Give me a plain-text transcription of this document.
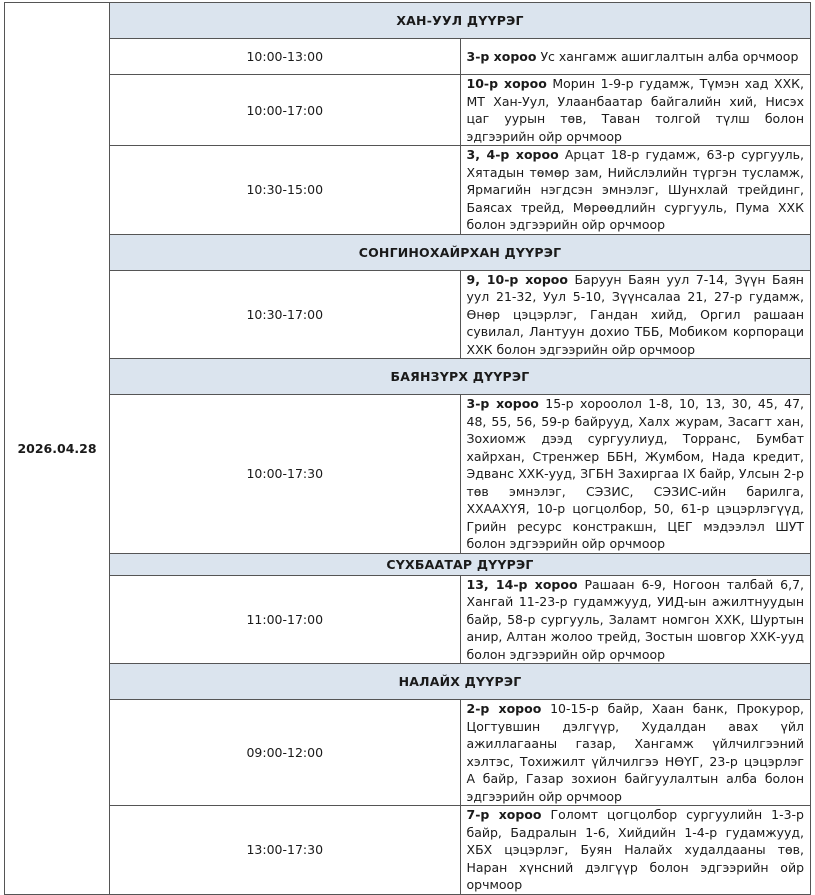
2026.04.28	ХАН-УУЛ ДҮҮРЭГ	
	10:00-13:00	3-р хороо Ус хангамж ашиглалтын алба орчмоор
	10:00-17:00	10-р хороо Морин 1-9-р гудамж, Түмэн хад ХХК, МТ Хан-Уул, Улаанбаатар байгалийн хий, Нисэх цаг уурын төв, Таван толгой түлш болон эдгээрийн ойр орчмоор
	10:30-15:00	3, 4-р хороо Арцат 18-р гудамж, 63-р сургууль, Хятадын төмөр зам, Нийслэлийн түргэн тусламж, Ярмагийн нэгдсэн эмнэлэг, Шунхлай трейдинг, Баясах трейд, Мөрөөдлийн сургууль, Пума ХХК болон эдгээрийн ойр орчмоор
	СОНГИНОХАЙРХАН ДҮҮРЭГ	
	10:30-17:00	9, 10-р хороо Баруун Баян уул 7-14, Зүүн Баян уул 21-32, Уул 5-10, Зүүнсалаа 21, 27-р гудамж, Өнөр цэцэрлэг, Гандан хийд, Оргил рашаан сувилал, Лантуун дохио ТББ, Мобиком корпораци ХХК болон эдгээрийн ойр орчмоор
	БАЯНЗҮРХ ДҮҮРЭГ	
	10:00-17:30	3-р хороо 15-р хороолол 1-8, 10, 13, 30, 45, 47, 48, 55, 56, 59-р байрууд, Халх журам, Засагт хан, Зохиомж дээд сургуулиуд, Торранс, Бумбат хайрхан, Стренжер ББН, Жумбом, Нада кредит, Эдванс ХХК-ууд, ЗГБН Захиргаа IX байр, Улсын 2-р төв эмнэлэг, СЭЗИС, СЭЗИС-ийн барилга, ХХААХҮЯ, 10-р цогцолбор, 50, 61-р цэцэрлэгүүд, Грийн ресурс констракшн, ЦЕГ мэдээлэл ШУТ болон эдгээрийн ойр орчмоор
	СҮХБААТАР ДҮҮРЭГ	
	11:00-17:00	13, 14-р хороо Рашаан 6-9, Ногоон талбай 6,7, Хангай 11-23-р гудамжууд, УИД-ын ажилтнуудын байр, 58-р сургууль, Заламт номгон ХХК, Шуртын анир, Алтан жолоо трейд, Зостын шовгор ХХК-ууд болон эдгээрийн ойр орчмоор
	НАЛАЙХ ДҮҮРЭГ	
	09:00-12:00	2-р хороо 10-15-р байр, Хаан банк, Прокурор, Цогтувшин дэлгүүр, Худалдан авах үйл ажиллагааны газар, Хангамж үйлчилгээний хэлтэс, Тохижилт үйлчилгээ НӨҮГ, 23-р цэцэрлэг А байр, Газар зохион байгуулалтын алба болон эдгээрийн ойр орчмоор
	13:00-17:30	7-р хороо Голомт цогцолбор сургуулийн 1-3-р байр, Бадралын 1-6, Хийдийн 1-4-р гудамжууд, ХБХ цэцэрлэг, Буян Налайх худалдааны төв, Наран хүнсний дэлгүүр болон эдгээрийн ойр орчмоор
